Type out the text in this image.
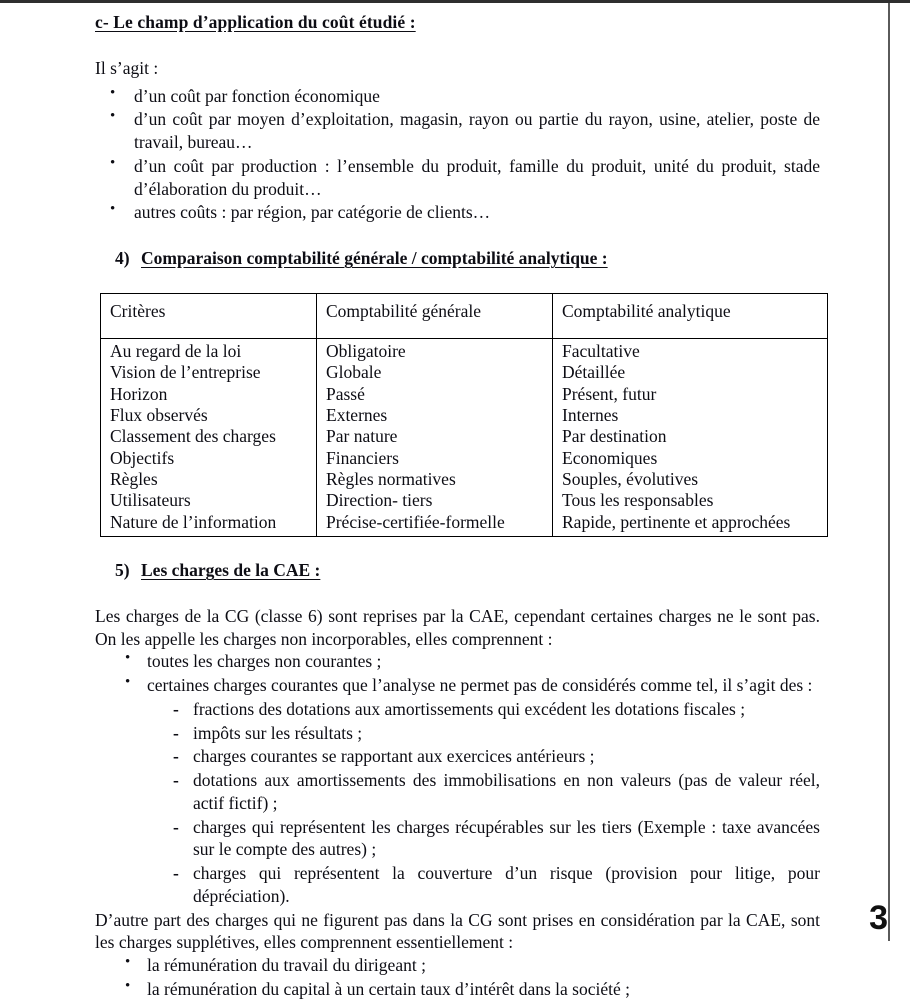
c- Le champ d’application du coût étudié :

Il s’agit :

• d’un coût par fonction économique
• d’un coût par moyen d’exploitation, magasin, rayon ou partie du rayon, usine, atelier, poste de travail, bureau…
• d’un coût par production : l’ensemble du produit, famille du produit, unité du produit, stade d’élaboration du produit…
• autres coûts : par région, par catégorie de clients…
4) Comparaison comptabilité générale / comptabilité analytique :
Critères	Comptabilité générale	Comptabilité analytique
Au regard de la loi	Obligatoire	Facultative
Vision de l’entreprise	Globale	Détaillée
Horizon	Passé	Présent, futur
Flux observés	Externes	Internes
Classement des charges	Par nature	Par destination
Objectifs	Financiers	Economiques
Règles	Règles normatives	Souples, évolutives
Utilisateurs	Direction- tiers	Tous les responsables
Nature de l’information	Précise-certifiée-formelle	Rapide, pertinente et approchées
5) Les charges de la CAE :

Les charges de la CG (classe 6) sont reprises par la CAE, cependant certaines charges ne le sont pas. On les appelle les charges non incorporables, elles comprennent :

• toutes les charges non courantes ;
• certaines charges courantes que l’analyse ne permet pas de considérés comme tel, il s’agit des :
- fractions des dotations aux amortissements qui excédent les dotations fiscales ;
- impôts sur les résultats ;
- charges courantes se rapportant aux exercices antérieurs ;
- dotations aux amortissements des immobilisations en non valeurs (pas de valeur réel, actif fictif) ;
- charges qui représentent les charges récupérables sur les tiers (Exemple : taxe avancées sur le compte des autres) ;
- charges qui représentent la couverture d’un risque (provision pour litige, pour dépréciation).

D’autre part des charges qui ne figurent pas dans la CG sont prises en considération par la CAE, sont les charges supplétives, elles comprennent essentiellement :

• la rémunération du travail du dirigeant ;
• la rémunération du capital à un certain taux d’intérêt dans la société ;
3
